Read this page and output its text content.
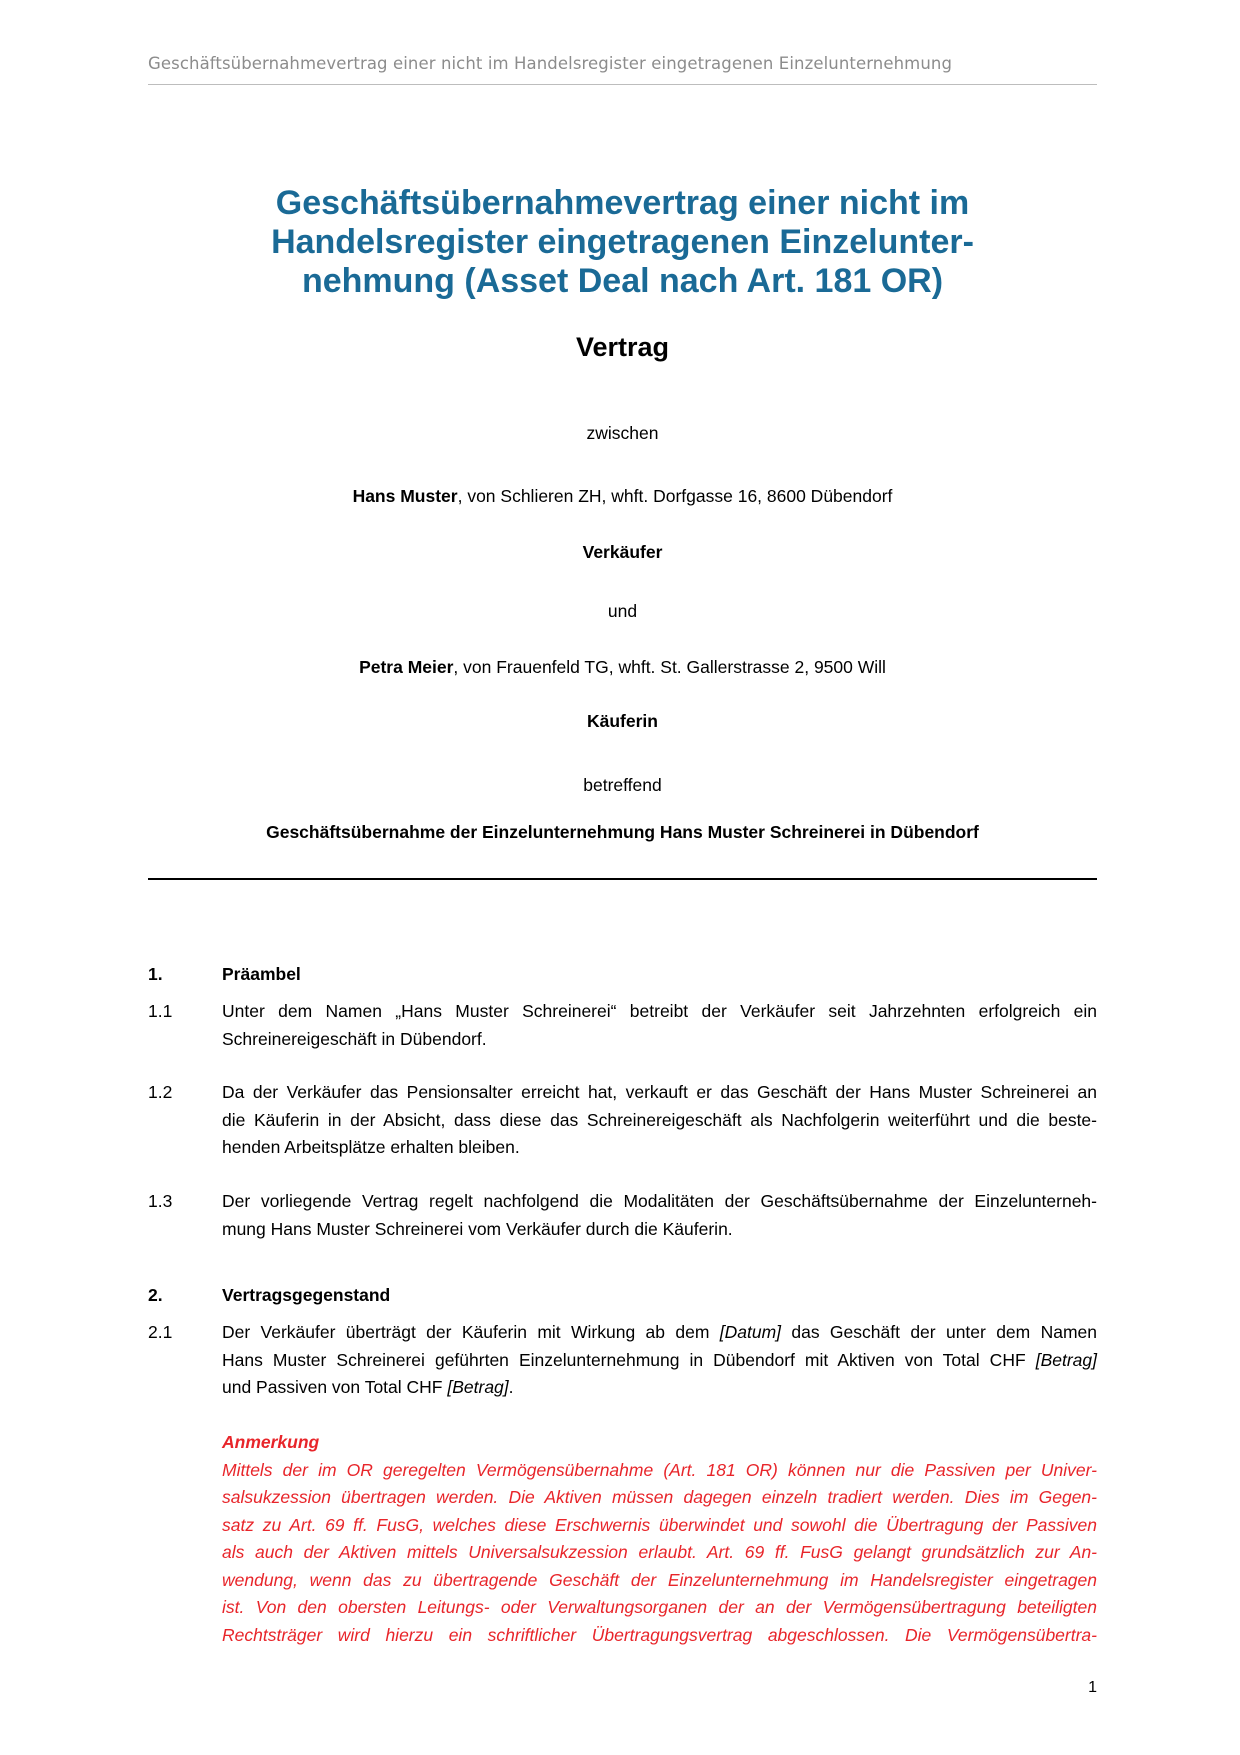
Geschäftsübernahmevertrag einer nicht im Handelsregister eingetragenen Einzelunternehmung
Geschäftsübernahmevertrag einer nicht im
Handelsregister eingetragenen Einzelunter-
nehmung (Asset Deal nach Art. 181 OR)
Vertrag
zwischen
Hans Muster, von Schlieren ZH, whft. Dorfgasse 16, 8600 Dübendorf
Verkäufer
und
Petra Meier, von Frauenfeld TG, whft. St. Gallerstrasse 2, 9500 Will
Käuferin
betreffend
Geschäftsübernahme der Einzelunternehmung Hans Muster Schreinerei in Dübendorf
1.	Präambel
1.1	Unter dem Namen „Hans Muster Schreinerei“ betreibt der Verkäufer seit Jahrzehnten erfolgreich ein
Schreinereigeschäft in Dübendorf.
1.2	Da der Verkäufer das Pensionsalter erreicht hat, verkauft er das Geschäft der Hans Muster Schreinerei an
die Käuferin in der Absicht, dass diese das Schreinereigeschäft als Nachfolgerin weiterführt und die beste-
henden Arbeitsplätze erhalten bleiben.
1.3	Der vorliegende Vertrag regelt nachfolgend die Modalitäten der Geschäftsübernahme der Einzelunterneh-
mung Hans Muster Schreinerei vom Verkäufer durch die Käuferin.
2.	Vertragsgegenstand
2.1	Der Verkäufer überträgt der Käuferin mit Wirkung ab dem [Datum] das Geschäft der unter dem Namen
Hans Muster Schreinerei geführten Einzelunternehmung in Dübendorf mit Aktiven von Total CHF [Betrag]
und Passiven von Total CHF [Betrag].
Anmerkung
Mittels der im OR geregelten Vermögensübernahme (Art. 181 OR) können nur die Passiven per Univer-
salsukzession übertragen werden. Die Aktiven müssen dagegen einzeln tradiert werden. Dies im Gegen-
satz zu Art. 69 ff. FusG, welches diese Erschwernis überwindet und sowohl die Übertragung der Passiven
als auch der Aktiven mittels Universalsukzession erlaubt. Art. 69 ff. FusG gelangt grundsätzlich zur An-
wendung, wenn das zu übertragende Geschäft der Einzelunternehmung im Handelsregister eingetragen
ist. Von den obersten Leitungs- oder Verwaltungsorganen der an der Vermögensübertragung beteiligten
Rechtsträger wird hierzu ein schriftlicher Übertragungsvertrag abgeschlossen. Die Vermögensübertra-
1
